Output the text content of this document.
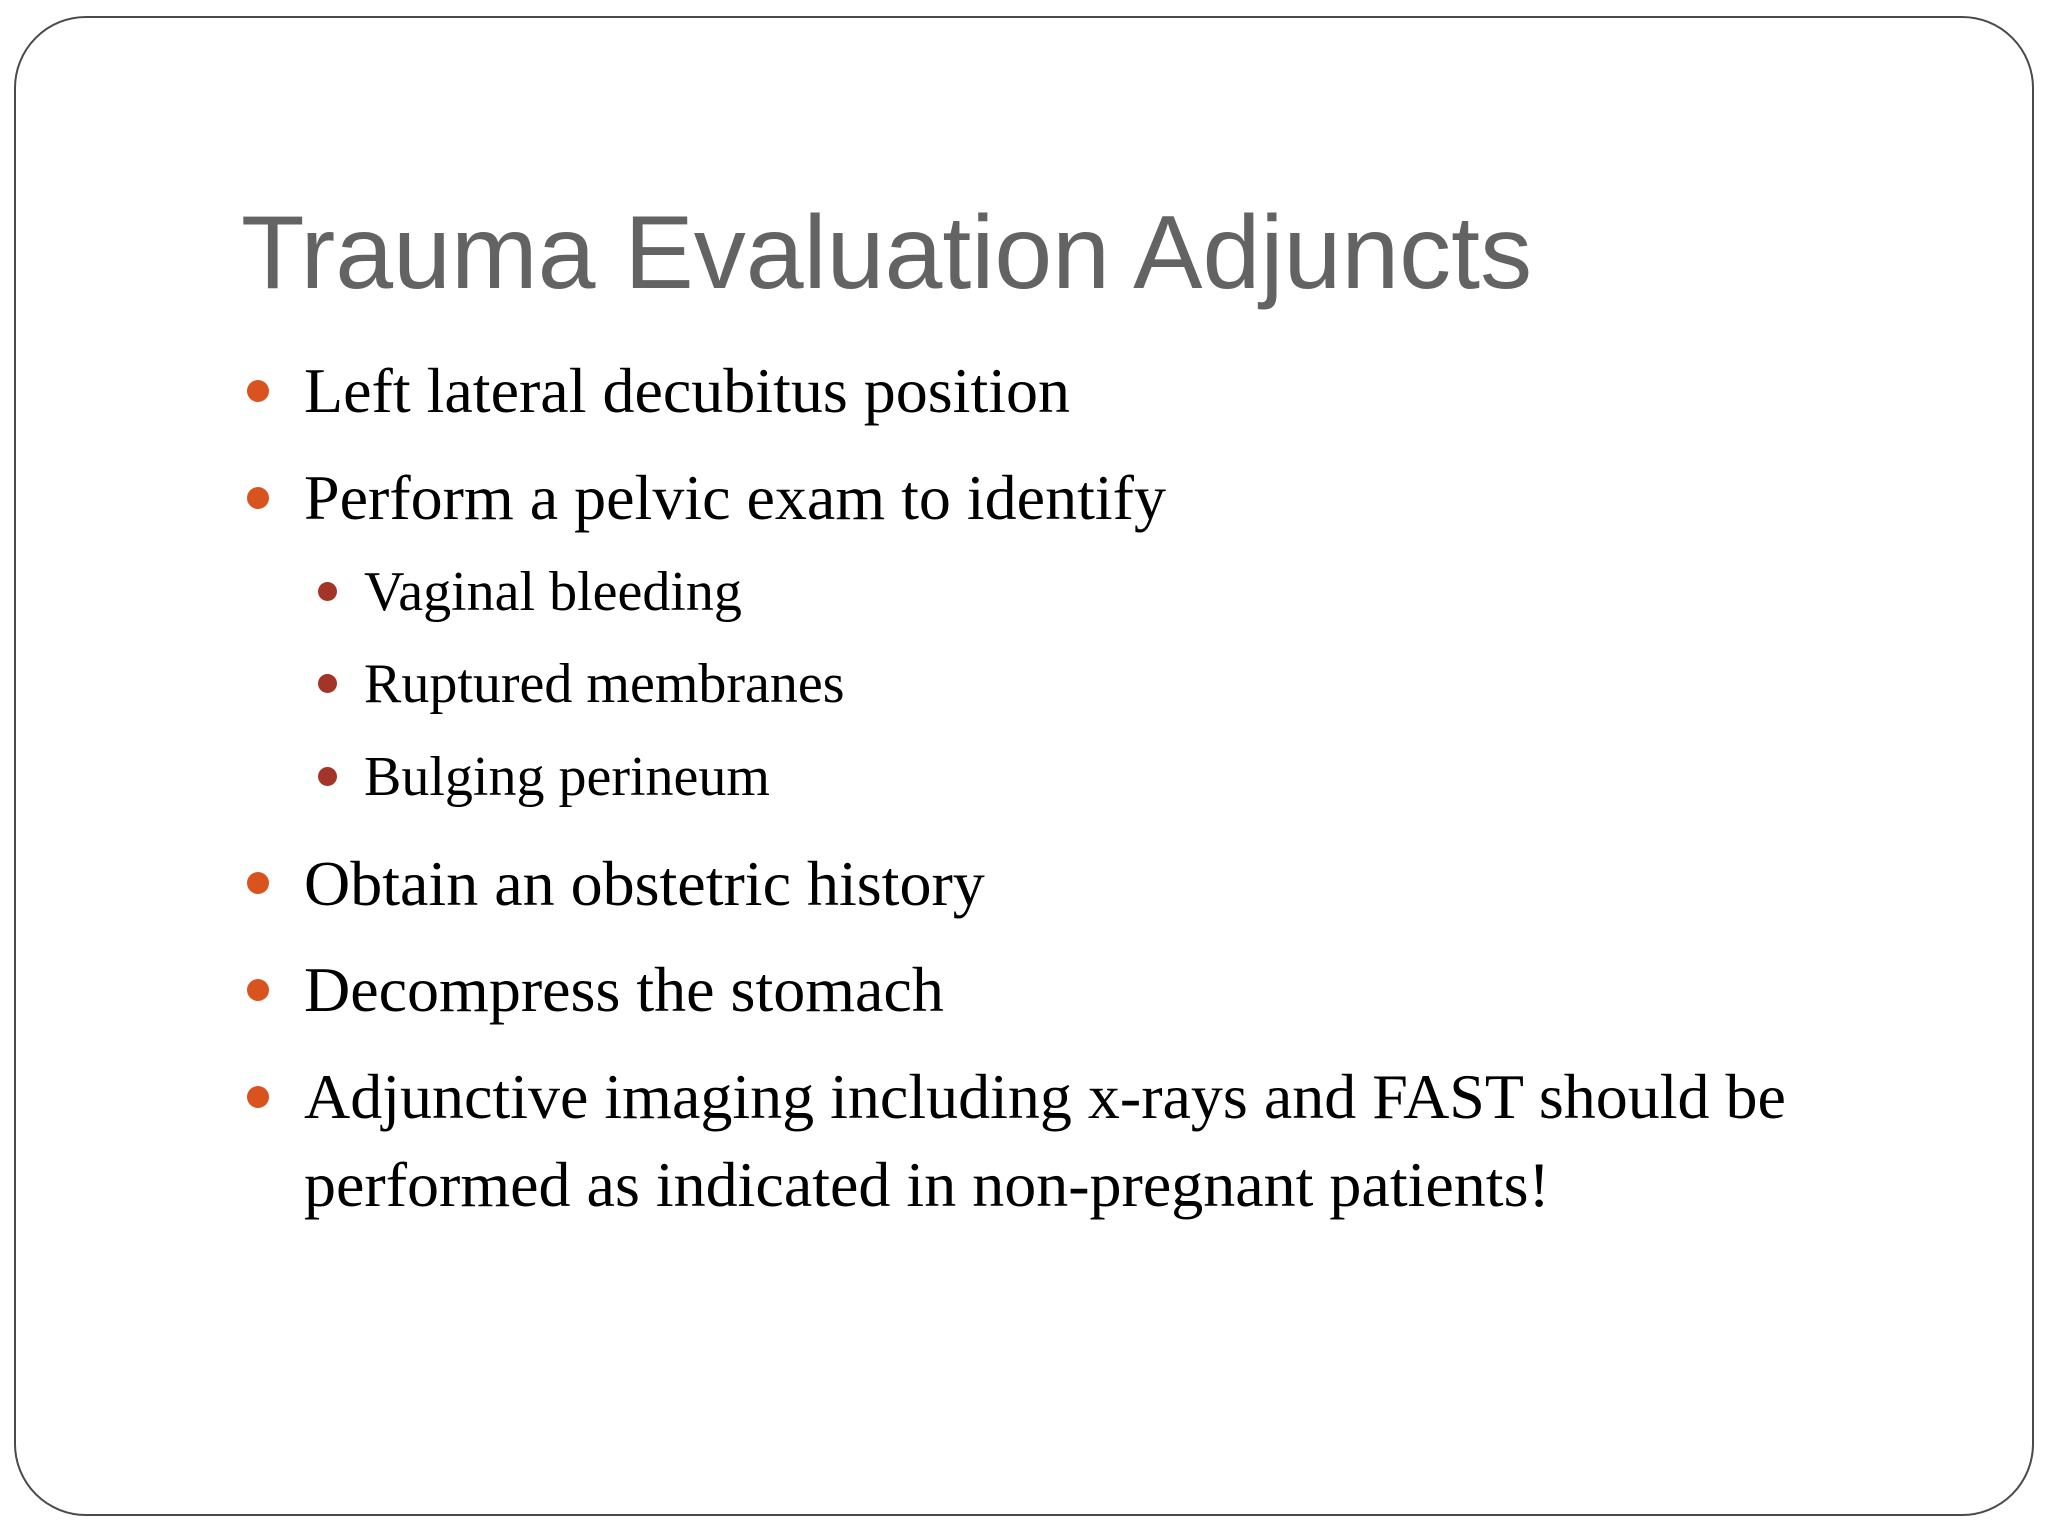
Trauma Evaluation Adjuncts
Left lateral decubitus position
Perform a pelvic exam to identify
Vaginal bleeding
Ruptured membranes
Bulging perineum
Obtain an obstetric history
Decompress the stomach
Adjunctive imaging including x-rays and FAST should be
performed as indicated in non-pregnant patients!
